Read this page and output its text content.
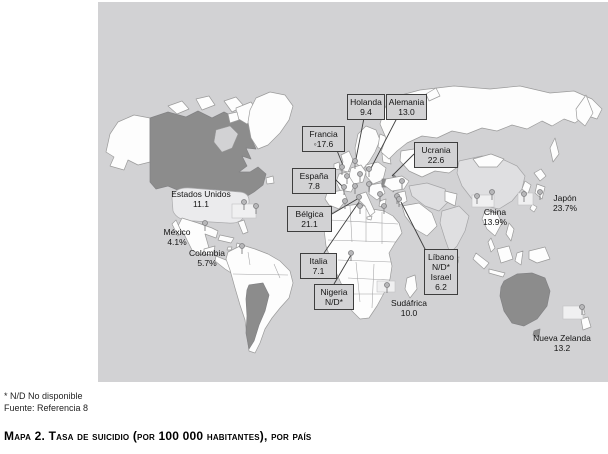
Francia
◦17.6
Holanda
9.4
Alemania
13.0
Ucrania
22.6
España
7.8
Bélgica
21.1
Italia
7.1
Nigeria
N/D*
Líbano
N/D*
Israel
6.2
Estados Unidos
11.1
México
4.1%
Colombia
5.7%
Sudáfrica
10.0
China
13.9%
Japón
23.7%
Nueva Zelanda
13.2
* N/D No disponible
Fuente: Referencia 8
Mapa 2. Tasa de suicidio (por 100 000 habitantes), por país
